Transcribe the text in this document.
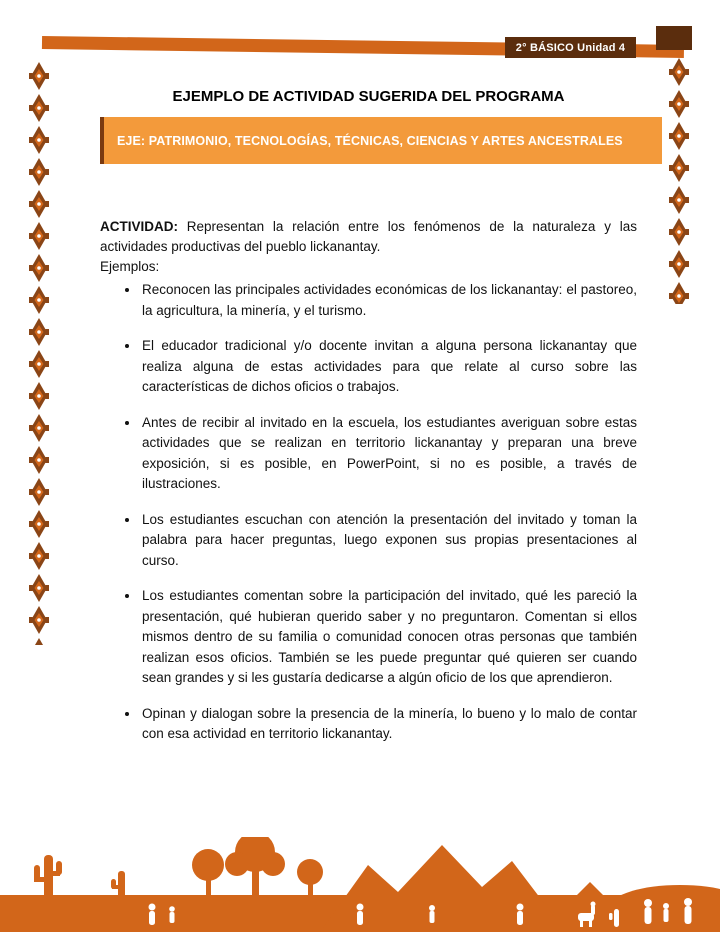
2° BÁSICO Unidad 4
EJEMPLO DE ACTIVIDAD SUGERIDA DEL PROGRAMA
EJE: PATRIMONIO, TECNOLOGÍAS, TÉCNICAS, CIENCIAS Y ARTES ANCESTRALES

ACTIVIDAD: Representan la relación entre los fenómenos de la naturaleza y las actividades productivas del pueblo lickanantay.

Ejemplos:
• Reconocen las principales actividades económicas de los lickanantay: el pastoreo, la agricultura, la minería, y el turismo.
• El educador tradicional y/o docente invitan a alguna persona lickanantay que realiza alguna de estas actividades para que relate al curso sobre las características de dichos oficios o trabajos.
• Antes de recibir al invitado en la escuela, los estudiantes averiguan sobre estas actividades que se realizan en territorio lickanantay y preparan una breve exposición, si es posible, en PowerPoint, si no es posible, a través de ilustraciones.
• Los estudiantes escuchan con atención la presentación del invitado y toman la palabra para hacer preguntas, luego exponen sus propias presentaciones al curso.
• Los estudiantes comentan sobre la participación del invitado, qué les pareció la presentación, qué hubieran querido saber y no preguntaron. Comentan si ellos mismos dentro de su familia o comunidad conocen otras personas que también realizan esos oficios. También se les puede preguntar qué quieren ser cuando sean grandes y si les gustaría dedicarse a algún oficio de los que aprendieron.
• Opinan y dialogan sobre la presencia de la minería, lo bueno y lo malo de contar con esa actividad en territorio lickanantay.
